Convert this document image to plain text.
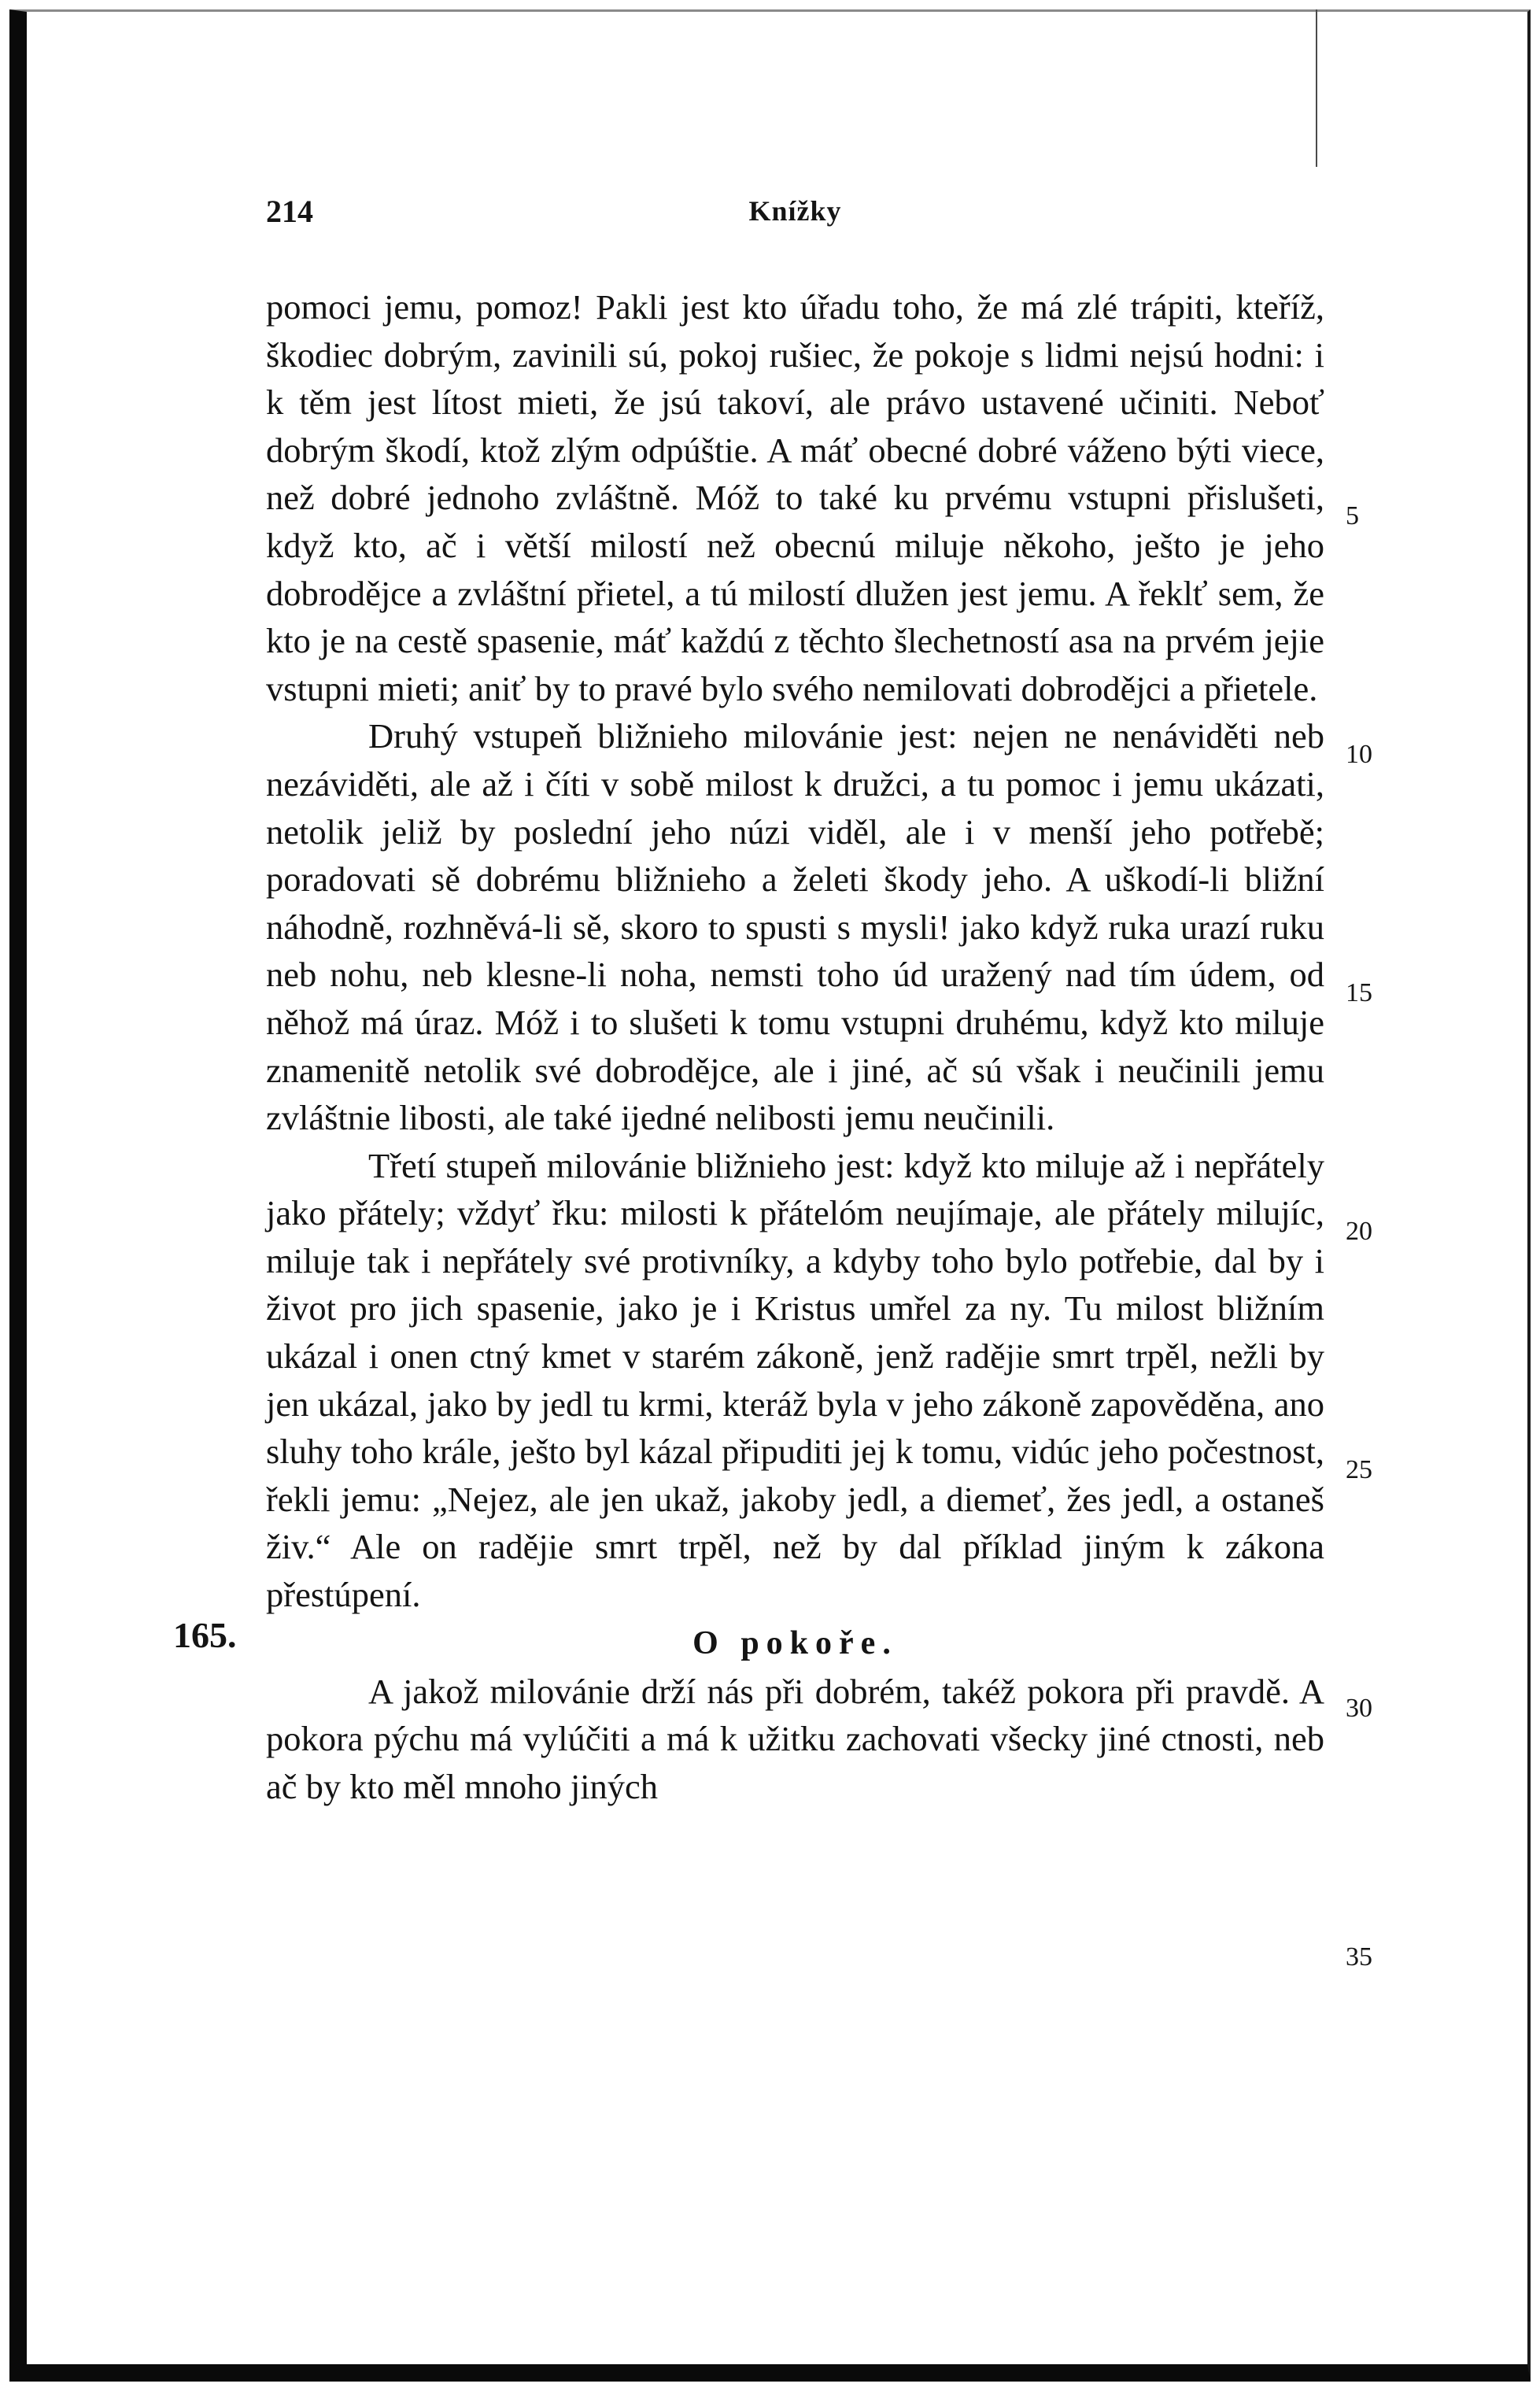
214	Knížky

pomoci jemu, pomoz! Pakli jest kto úřadu toho, že má zlé trápiti, kteříž, škodiec dobrým, zavinili sú, pokoj rušiec, že pokoje s lidmi nejsú hodni: i k těm jest lítost mieti, že jsú takoví, ale právo ustavené učiniti. Neboť dobrým škodí, ktož zlým odpúštie. A máť obecné dobré váženo býti viece, než dobré jednoho zvláštně. Móž to také ku prvému vstupni přislušeti, když kto, ač i větší milostí než obecnú miluje někoho, ješto je jeho dobrodějce a zvláštní přietel, a tú milostí dlužen jest jemu. A řeklť sem, že kto je na cestě spasenie, máť každú z těchto šlechetností asa na prvém jejie vstupni mieti; aniť by to pravé bylo svého nemilovati dobrodějci a přietele.

Druhý vstupeň bližnieho milovánie jest: nejen ne nenáviděti neb nezáviděti, ale až i číti v sobě milost k družci, a tu pomoc i jemu ukázati, netolik jeliž by poslední jeho núzi viděl, ale i v menší jeho potřebě; poradovati sě dobrému bližnieho a želeti škody jeho. A uškodí-li bližní náhodně, rozhněvá-li sě, skoro to spusti s mysli! jako když ruka urazí ruku neb nohu, neb klesne-li noha, nemsti toho úd uražený nad tím údem, od něhož má úraz. Móž i to slušeti k tomu vstupni druhému, když kto miluje znamenitě netolik své dobrodějce, ale i jiné, ač sú však i neučinili jemu zvláštnie libosti, ale také ijedné nelibosti jemu neučinili.

Třetí stupeň milovánie bližnieho jest: když kto miluje až i nepřátely jako přátely; vždyť řku: milosti k přátelóm neujímaje, ale přátely milujíc, miluje tak i nepřátely své protivníky, a kdyby toho bylo potřebie, dal by i život pro jich spasenie, jako je i Kristus umřel za ny. Tu milost bližním ukázal i onen ctný kmet v starém zákoně, jenž radějie smrt trpěl, nežli by jen ukázal, jako by jedl tu krmi, kteráž byla v jeho zákoně zapověděna, ano sluhy toho krále, ješto byl kázal připuditi jej k tomu, vidúc jeho počestnost, řekli jemu: „Nejez, ale jen ukaž, jakoby jedl, a diemeť, žes jedl, a ostaneš živ.“ Ale on radějie smrt trpěl, než by dal příklad jiným k zákona přestúpení.

165.	O pokoře.

A jakož milovánie drží nás při dobrém, takéž pokora při pravdě. A pokora pýchu má vylúčiti a má k užitku zachovati všecky jiné ctnosti, neb ač by kto měl mnoho jiných

5
10
15
20
25
30
35
